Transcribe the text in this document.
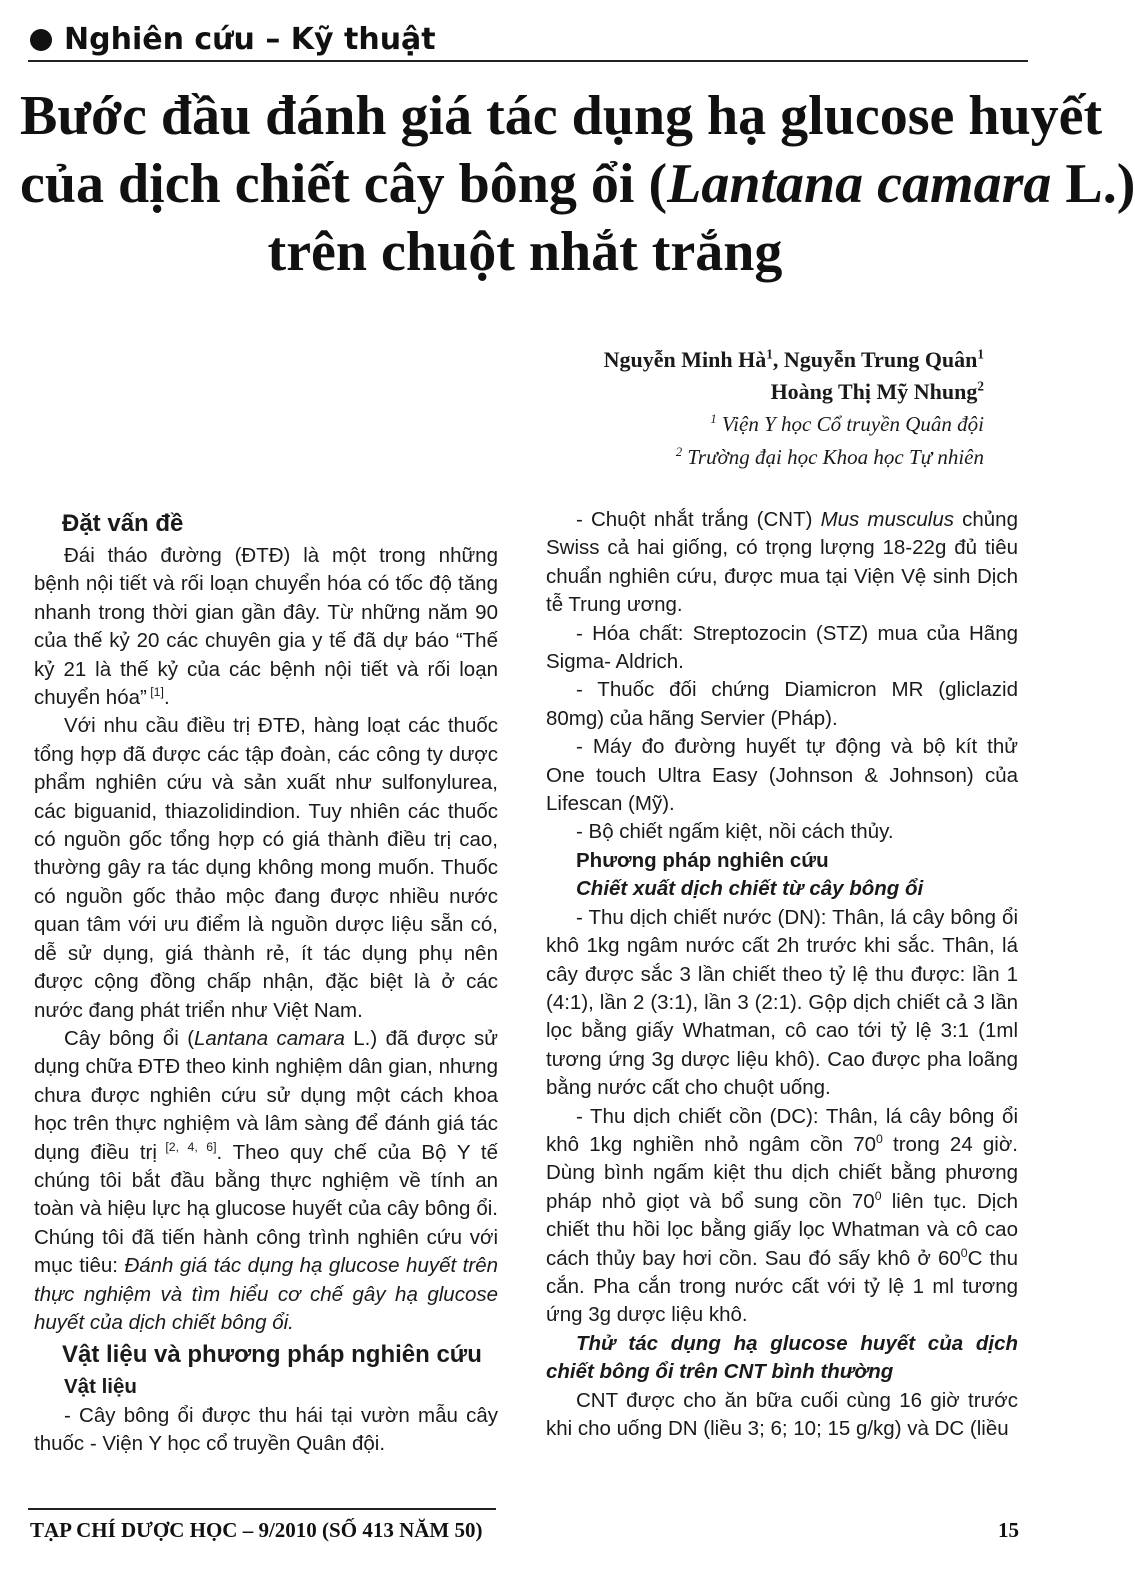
Nghiên cứu – Kỹ thuật
Bước đầu đánh giá tác dụng hạ glucose huyết
của dịch chiết cây bông ổi (Lantana camara L.)
trên chuột nhắt trắng
Nguyễn Minh $Hà^1$, Nguyễn Trung Quân$^1$
Hoàng Thị Mỹ Nhung$^2$
$^1$ Viện Y học Cổ truyền Quân đội
$^2$ Trường đại học Khoa học Tự nhiên
Đặt vấn đề

Đái tháo đường (ĐTĐ) là một trong những bệnh nội tiết và rối loạn chuyển hóa có tốc độ tăng nhanh trong thời gian gần đây. Từ những năm 90 của thế kỷ 20 các chuyên gia y tế đã dự báo “Thế kỷ 21 là thế kỷ của các bệnh nội tiết và rối loạn chuyển hóa” [1].

Với nhu cầu điều trị ĐTĐ, hàng loạt các thuốc tổng hợp đã được các tập đoàn, các công ty dược phẩm nghiên cứu và sản xuất như sulfonylurea, các biguanid, thiazolidindion. Tuy nhiên các thuốc có nguồn gốc tổng hợp có giá thành điều trị cao, thường gây ra tác dụng không mong muốn. Thuốc có nguồn gốc thảo mộc đang được nhiều nước quan tâm với ưu điểm là nguồn dược liệu sẵn có, dễ sử dụng, giá thành rẻ, ít tác dụng phụ nên được cộng đồng chấp nhận, đặc biệt là ở các nước đang phát triển như Việt Nam.

Cây bông ổi (Lantana camara L.) đã được sử dụng chữa ĐTĐ theo kinh nghiệm dân gian, nhưng chưa được nghiên cứu sử dụng một cách khoa học trên thực nghiệm và lâm sàng để đánh giá tác dụng điều trị [2, 4, 6]. Theo quy chế của Bộ Y tế chúng tôi bắt đầu bằng thực nghiệm về tính an toàn và hiệu lực hạ glucose huyết của cây bông ổi. Chúng tôi đã tiến hành công trình nghiên cứu với mục tiêu: Đánh giá tác dụng hạ glucose huyết trên thực nghiệm và tìm hiểu cơ chế gây hạ glucose huyết của dịch chiết bông ổi.

Vật liệu và phương pháp nghiên cứu
Vật liệu

- Cây bông ổi được thu hái tại vườn mẫu cây thuốc - Viện Y học cổ truyền Quân đội.

- Chuột nhắt trắng (CNT) Mus musculus chủng Swiss cả hai giống, có trọng lượng 18-22g đủ tiêu chuẩn nghiên cứu, được mua tại Viện Vệ sinh Dịch tễ Trung ương.

- Hóa chất: Streptozocin (STZ) mua của Hãng Sigma- Aldrich.

- Thuốc đối chứng Diamicron MR (gliclazid 80mg) của hãng Servier (Pháp).

- Máy đo đường huyết tự động và bộ kít thử One touch Ultra Easy (Johnson & Johnson) của Lifescan (Mỹ).

- Bộ chiết ngấm kiệt, nồi cách thủy.

Phương pháp nghiên cứu
Chiết xuất dịch chiết từ cây bông ổi

- Thu dịch chiết nước (DN): Thân, lá cây bông ổi khô 1kg ngâm nước cất 2h trước khi sắc. Thân, lá cây được sắc 3 lần chiết theo tỷ lệ thu được: lần 1 (4:1), lần 2 (3:1), lần 3 (2:1). Gộp dịch chiết cả 3 lần lọc bằng giấy Whatman, cô cao tới tỷ lệ 3:1 (1ml tương ứng 3g dược liệu khô). Cao được pha loãng bằng nước cất cho chuột uống.

- Thu dịch chiết cồn (DC): Thân, lá cây bông ổi khô 1kg nghiền nhỏ ngâm cồn $70^0$ trong 24 giờ. Dùng bình ngấm kiệt thu dịch chiết bằng phương pháp nhỏ giọt và bổ sung cồn $70^0$ liên tục. Dịch chiết thu hồi lọc bằng giấy lọc Whatman và cô cao cách thủy bay hơi cồn. Sau đó sấy khô ở $60^0C$ thu cắn. Pha cắn trong nước cất với tỷ lệ 1 ml tương ứng 3g dược liệu khô.

Thử tác dụng hạ glucose huyết của dịch chiết bông ổi trên CNT bình thường

CNT được cho ăn bữa cuối cùng 16 giờ trước khi cho uống DN (liều 3; 6; 10; 15 g/kg) và DC (liều

TẠP CHÍ DƯỢC HỌC – 9/2010 (SỐ 413 NĂM 50)	15
